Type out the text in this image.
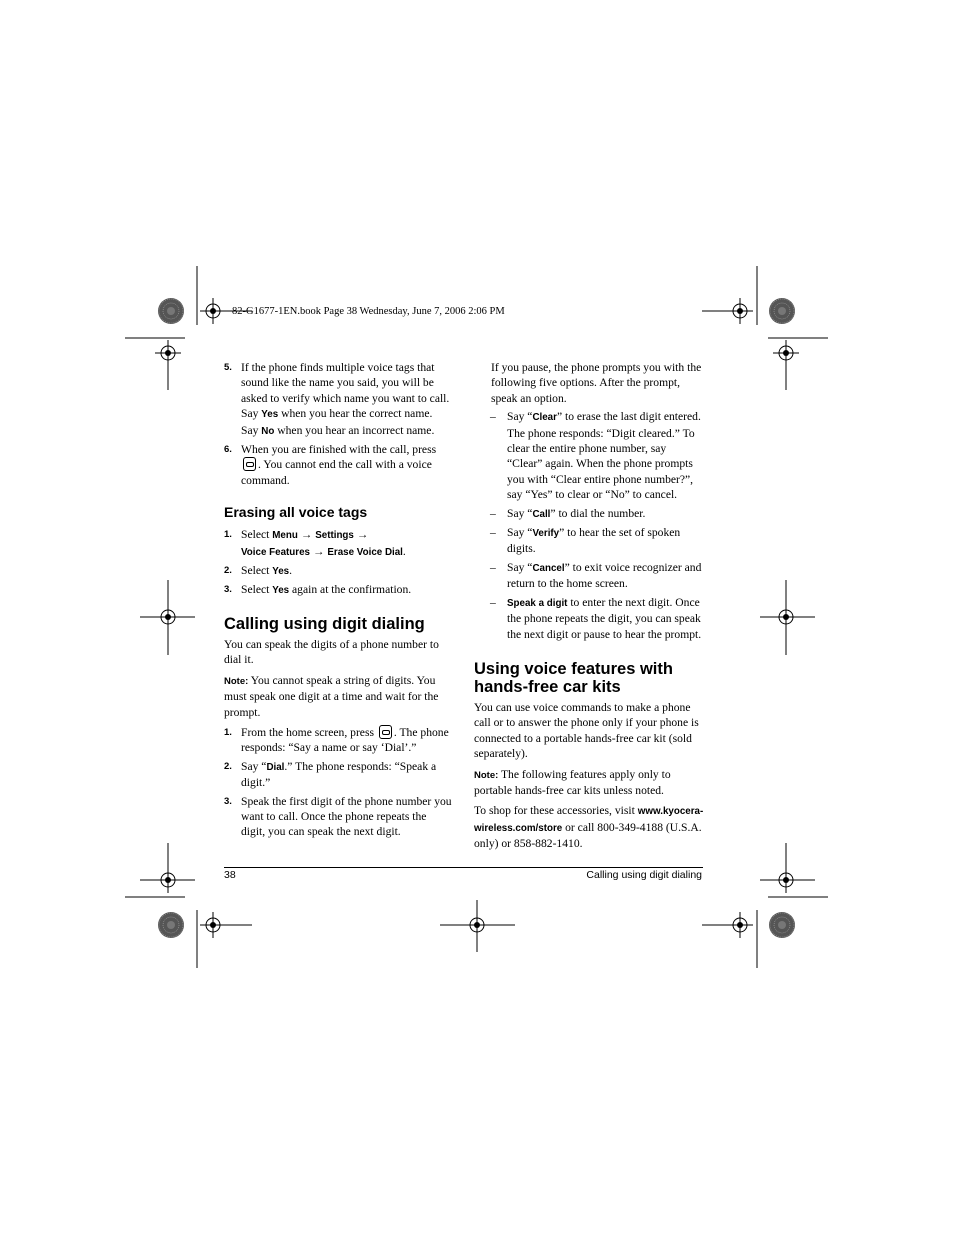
82-G1677-1EN.book Page 38 Wednesday, June 7, 2006 2:06 PM
5. If the phone finds multiple voice tags that sound like the name you said, you will be asked to verify which name you want to call. Say Yes when you hear the correct name. Say No when you hear an incorrect name.
6. When you are finished with the call, press . You cannot end the call with a voice command.
Erasing all voice tags
1. Select Menu → Settings →
Voice Features → Erase Voice Dial.
2. Select Yes.
3. Select Yes again at the confirmation.
Calling using digit dialing
You can speak the digits of a phone number to dial it.
Note: You cannot speak a string of digits. You must speak one digit at a time and wait for the prompt.
1. From the home screen, press . The phone responds: “Say a name or say ‘Dial’.”
2. Say “Dial.” The phone responds: “Speak a digit.”
3. Speak the first digit of the phone number you want to call. Once the phone repeats the digit, you can speak the next digit.
If you pause, the phone prompts you with the following five options. After the prompt, speak an option.
– Say “Clear” to erase the last digit entered. The phone responds: “Digit cleared.” To clear the entire phone number, say “Clear” again. When the phone prompts you with “Clear entire phone number?”, say “Yes” to clear or “No” to cancel.
– Say “Call” to dial the number.
– Say “Verify” to hear the set of spoken digits.
– Say “Cancel” to exit voice recognizer and return to the home screen.
– Speak a digit to enter the next digit. Once the phone repeats the digit, you can speak the next digit or pause to hear the prompt.
Using voice features with hands-free car kits
You can use voice commands to make a phone call or to answer the phone only if your phone is connected to a portable hands-free car kit (sold separately).
Note: The following features apply only to portable hands-free car kits unless noted.
To shop for these accessories, visit www.kyocera-wireless.com/store or call 800-349-4188 (U.S.A. only) or 858-882-1410.
38	Calling using digit dialing
